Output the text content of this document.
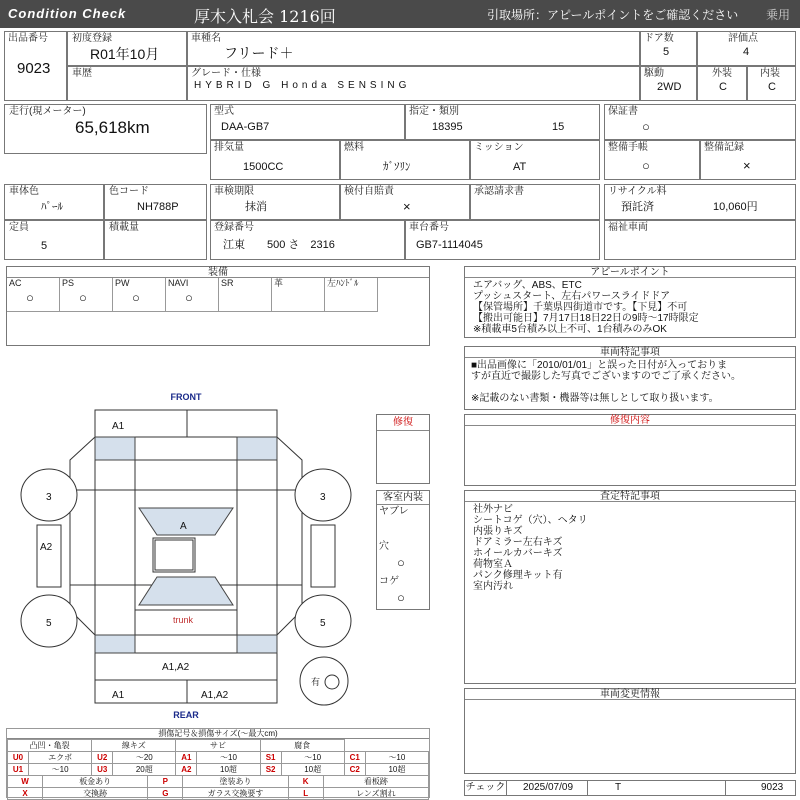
Condition Check	厚木入札会 1216回	引取場所：アピールポイントをご確認ください 乗用
出品番号
9023
初度登録
R01年10月
車歴
車種名
フリード＋
グレード・仕様
HYBRID G Honda SENSING
ドア数
5
評価点
4
駆動
2WD
外装
C
内装
C
走行(現メーター)
65,618km
型式
DAA-GB7
指定・類別
18395	15
保証書
○
排気量
1500CC
燃料
ｶﾞｿﾘﾝ
ミッション
AT
整備手帳
○
整備記録
×
車体色
ﾊﾟｰﾙ
色コード
NH788P
車検期限
抹消
検付自賠責
×
承認請求書	リサイクル料
預託済	10,060円
定員
5
積載量	登録番号
江東　　500 さ　2316
車台番号
GB7-1114045
福祉車両
装備
AC
○
PS
○
PW
○
NAVI
○
SR	革	左ﾊﾝﾄﾞﾙ
アピールポイント
エアバッグ、ABS、ETC
プッシュスタート、左右パワースライドドア
【保管場所】千葉県四街道市です。【下見】不可
【搬出可能日】7月17日18日22日の9時～17時限定
※積載車5台積み以上不可、1台積みのみOK
車両特記事項
■出品画像に「2010/01/01」と誤った日付が入っておりま
すが直近で撮影した写真でございますのでご了承ください。
※記載のない書類・機器等は無しとして取り扱います。
修復内容
査定特記事項
社外ナビ
シートコゲ（穴）、ヘタリ
内張りキズ
ドアミラー左右キズ
ホイールカバーキズ
荷物室Ａ
パンク修理キット有
室内汚れ
車両変更情報
チェック	2025/07/09	T	9023
修復
客室内装
ヤブレ
穴
○
コゲ
○
FRONT
REAR
A1
A
A2
3	3
5	5
A1,A2
A1	A1,A2
有
trunk
損傷記号＆損傷サイズ(～最大cm)
凸凹・亀裂		線キズ		サビ		腐食			
U0	エクボ	U2	～20	A1	～10	S1	～10	C1	～10
U1	～10	U3	20超	A2	10超	S2	10超	C2	10超
W	板金あり	P	塗装あり	K	看板跡
X	交換跡	G	ガラス交換要す	L	レンズ割れ
